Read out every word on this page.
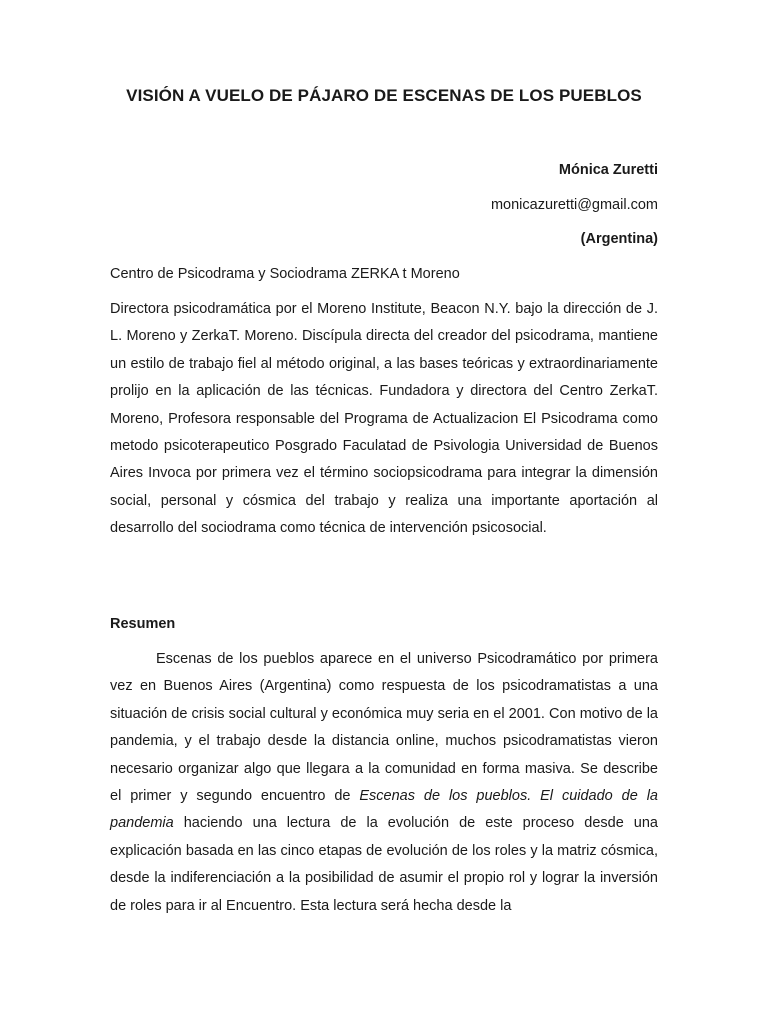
VISIÓN A VUELO DE PÁJARO DE ESCENAS DE LOS PUEBLOS

Mónica Zuretti

monicazuretti@gmail.com

(Argentina)

Centro de Psicodrama y Sociodrama ZERKA t Moreno

Directora psicodramática por el Moreno Institute, Beacon N.Y. bajo la dirección de J. L. Moreno y ZerkaT. Moreno. Discípula directa del creador del psicodrama, mantiene un estilo de trabajo fiel al método original, a las bases teóricas y extraordinariamente prolijo en la aplicación de las técnicas. Fundadora y directora del Centro ZerkaT. Moreno, Profesora responsable del Programa de Actualizacion El Psicodrama como metodo psicoterapeutico Posgrado Faculatad de Psivologia Universidad de Buenos Aires Invoca por primera vez el término sociopsicodrama para integrar la dimensión social, personal y cósmica del trabajo y realiza una importante aportación al desarrollo del sociodrama como técnica de intervención psicosocial.

Resumen

Escenas de los pueblos aparece en el universo Psicodramático por primera vez en Buenos Aires (Argentina) como respuesta de los psicodramatistas a una situación de crisis social cultural y económica muy seria en el 2001. Con motivo de la pandemia, y el trabajo desde la distancia online, muchos psicodramatistas vieron necesario organizar algo que llegara a la comunidad en forma masiva. Se describe el primer y segundo encuentro de Escenas de los pueblos. El cuidado de la pandemia haciendo una lectura de la evolución de este proceso desde una explicación basada en las cinco etapas de evolución de los roles y la matriz cósmica, desde la indiferenciación a la posibilidad de asumir el propio rol y lograr la inversión de roles para ir al Encuentro. Esta lectura será hecha desde la
